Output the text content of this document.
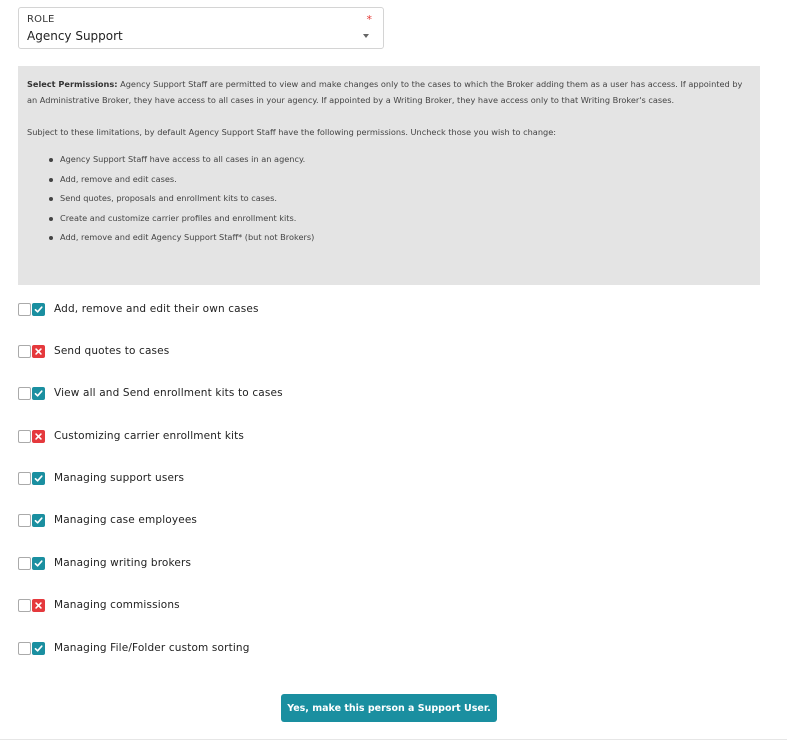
ROLE	*
Agency Support

Select Permissions: Agency Support Staff are permitted to view and make changes only to the cases to which the Broker adding them as a user has access. If appointed by an Administrative Broker, they have access to all cases in your agency. If appointed by a Writing Broker, they have access only to that Writing Broker's cases.

Subject to these limitations, by default Agency Support Staff have the following permissions. Uncheck those you wish to change:

Agency Support Staff have access to all cases in an agency.
Add, remove and edit cases.
Send quotes, proposals and enrollment kits to cases.
Create and customize carrier profiles and enrollment kits.
Add, remove and edit Agency Support Staff* (but not Brokers)
Add, remove and edit their own cases
Send quotes to cases
View all and Send enrollment kits to cases
Customizing carrier enrollment kits
Managing support users
Managing case employees
Managing writing brokers
Managing commissions
Managing File/Folder custom sorting
Yes, make this person a Support User.
